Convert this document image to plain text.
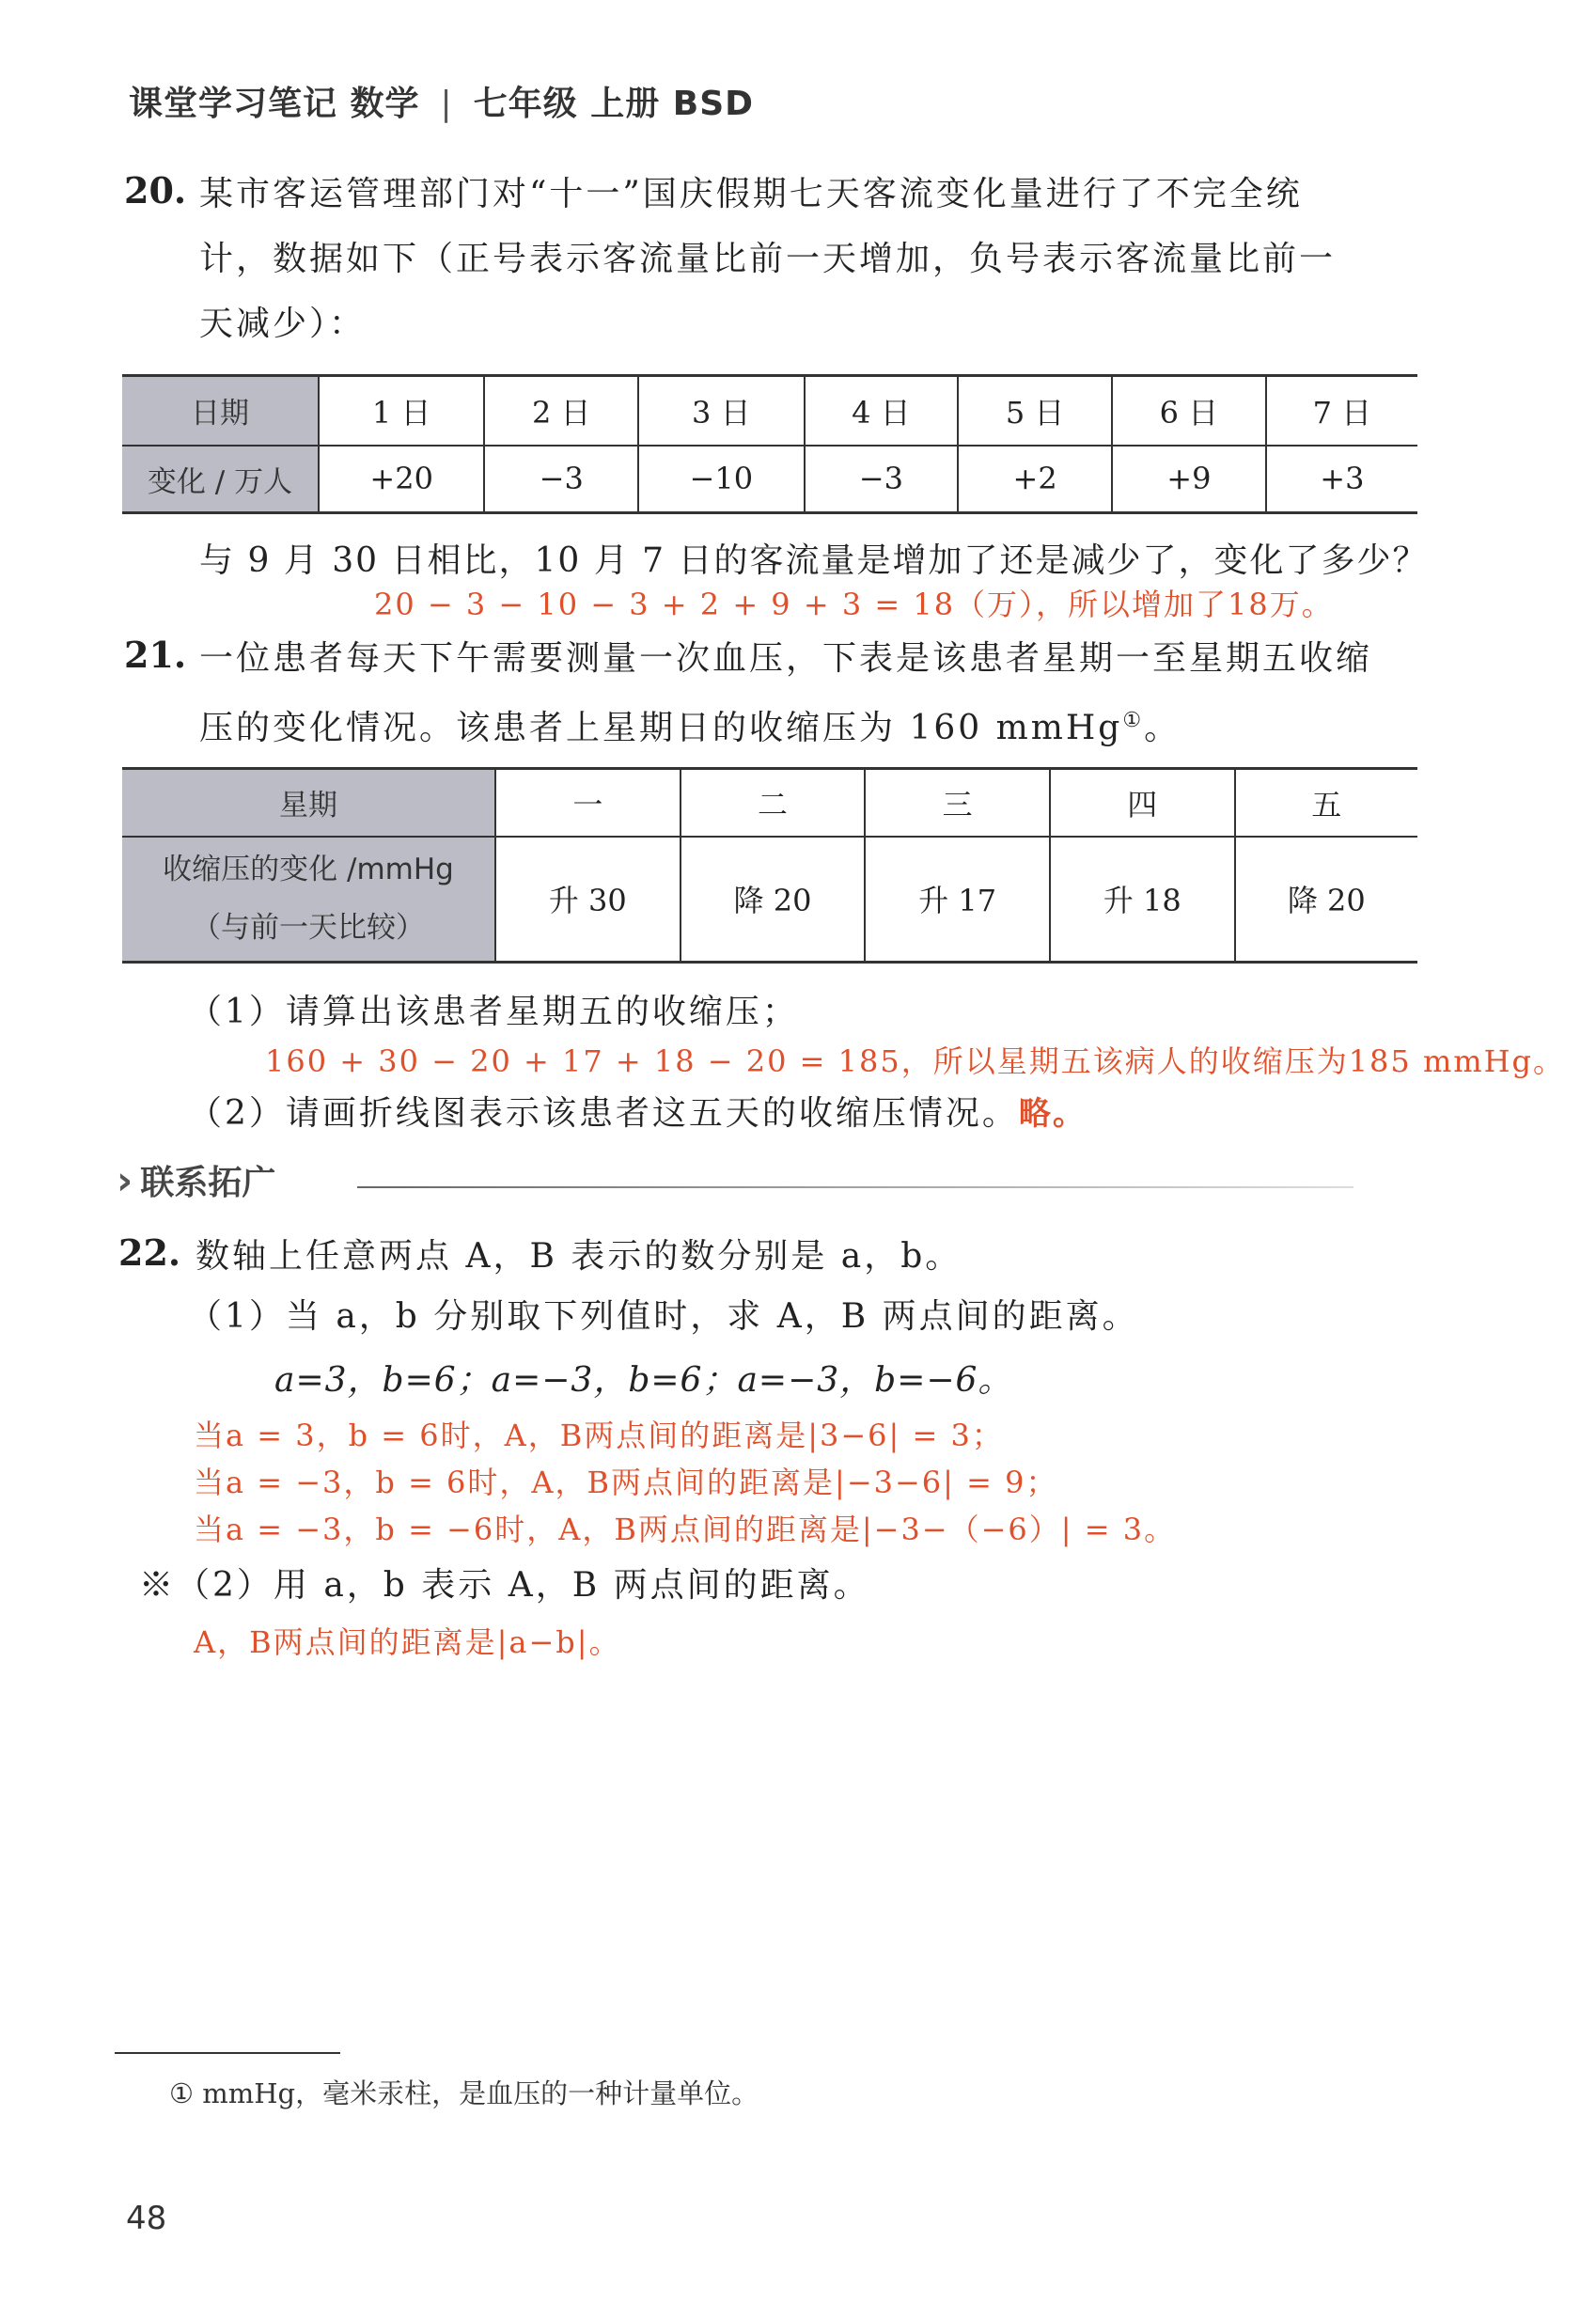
课堂学习笔记 数学 | 七年级 上册 BSD
20. 某市客运管理部门对“十一”国庆假期七天客流变化量进行了不完全统
计，数据如下（正号表示客流量比前一天增加，负号表示客流量比前一
天减少）：
日期	1 日	2 日	3 日	4 日	5 日	6 日	7 日
变化 / 万人	+20	−3	−10	−3	+2	+9	+3
与 9 月 30 日相比，10 月 7 日的客流量是增加了还是减少了，变化了多少？
20 − 3 − 10 − 3 + 2 + 9 + 3 = 18（万），所以增加了18万。
21. 一位患者每天下午需要测量一次血压，下表是该患者星期一至星期五收缩
压的变化情况。该患者上星期日的收缩压为 160 mmHg①。
星期	一	二	三	四	五

收缩压的变化 /mmHg
（与前一天比较）	升 30	降 20	升 17	升 18	降 20
（1）请算出该患者星期五的收缩压；
160 + 30 − 20 + 17 + 18 − 20 = 185，所以星期五该病人的收缩压为185 mmHg。
（2）请画折线图表示该患者这五天的收缩压情况。略。
› 联系拓广
22. 数轴上任意两点 A，B 表示的数分别是 a，b。
（1）当 a，b 分别取下列值时，求 A，B 两点间的距离。
a=3，b=6；a=−3，b=6；a=−3，b=−6。
当a = 3，b = 6时，A，B两点间的距离是|3−6| = 3；
当a = −3，b = 6时，A，B两点间的距离是|−3−6| = 9；
当a = −3，b = −6时，A，B两点间的距离是|−3−（−6）| = 3。
※（2）用 a，b 表示 A，B 两点间的距离。
A，B两点间的距离是|a−b|。
① mmHg，毫米汞柱，是血压的一种计量单位。
48
